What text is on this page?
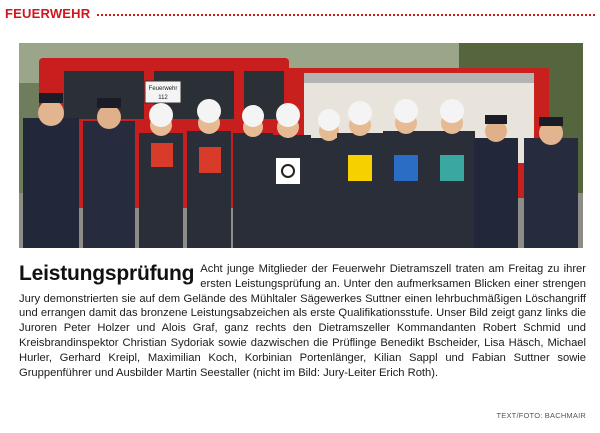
FEUERWEHR
Feuerwehr
112
Leistungsprüfung Acht junge Mitglieder der Feuerwehr Dietramszell traten am Freitag zu ihrer ersten Leistungsprüfung an. Unter den aufmerksamen Blicken einer strengen Jury demonstrierten sie auf dem Gelände des Mühltaler Sägewerkes Suttner einen lehrbuchmäßigen Löschangriff und errangen damit das bronzene Leistungsabzeichen als erste Qualifikationsstufe. Unser Bild zeigt ganz links die Juroren Peter Holzer und Alois Graf, ganz rechts den Dietramszeller Kommandanten Robert Schmid und Kreisbrandinspektor Christian Sydoriak sowie dazwischen die Prüflinge Benedikt Bscheider, Lisa Häsch, Michael Hurler, Gerhard Kreipl, Maximilian Koch, Korbinian Portenlänger, Kilian Sappl und Fabian Suttner sowie Gruppenführer und Ausbilder Martin Seestaller (nicht im Bild: Jury-Leiter Erich Roth).

TEXT/FOTO: BACHMAIR
